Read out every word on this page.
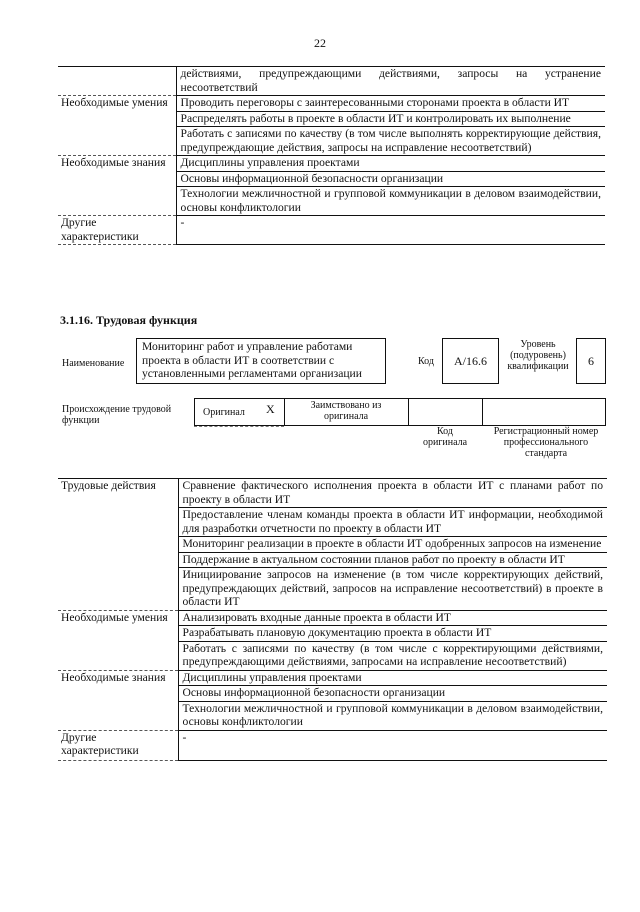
22
	действиями, предупреждающими действиями, запросы на устранение несоответствий
Необходимые умения	Проводить переговоры с заинтересованными сторонами проекта в области ИТ
	Распределять работы в проекте в области ИТ и контролировать их выполнение
	Работать с записями по качеству (в том числе выполнять корректирующие действия, предупреждающие действия, запросы на исправление несоответствий)
Необходимые знания	Дисциплины управления проектами
	Основы информационной безопасности организации
	Технологии межличностной и групповой коммуникации в деловом взаимодействии, основы конфликтологии
Другие характеристики	-
3.1.16. Трудовая функция
Наименование
Мониторинг работ и управление работами проекта в области ИТ в соответствии с установленными регламентами организации
Код	A/16.6
Уровень (подуровень) квалификации	6
Происхождение трудовой функции
Оригинал X	Заимствовано из оригинала
Код оригинала
Регистрационный номер профессионального стандарта
Трудовые действия	Сравнение фактического исполнения проекта в области ИТ с планами работ по проекту в области ИТ
	Предоставление членам команды проекта в области ИТ информации, необходимой для разработки отчетности по проекту в области ИТ
	Мониторинг реализации в проекте в области ИТ одобренных запросов на изменение
	Поддержание в актуальном состоянии планов работ по проекту в области ИТ
	Инициирование запросов на изменение (в том числе корректирующих действий, предупреждающих действий, запросов на исправление несоответствий) в проекте в области ИТ
Необходимые умения	Анализировать входные данные проекта в области ИТ
	Разрабатывать плановую документацию проекта в области ИТ
	Работать с записями по качеству (в том числе с корректирующими действиями, предупреждающими действиями, запросами на исправление несоответствий)
Необходимые знания	Дисциплины управления проектами
	Основы информационной безопасности организации
	Технологии межличностной и групповой коммуникации в деловом взаимодействии, основы конфликтологии
Другие характеристики	-
